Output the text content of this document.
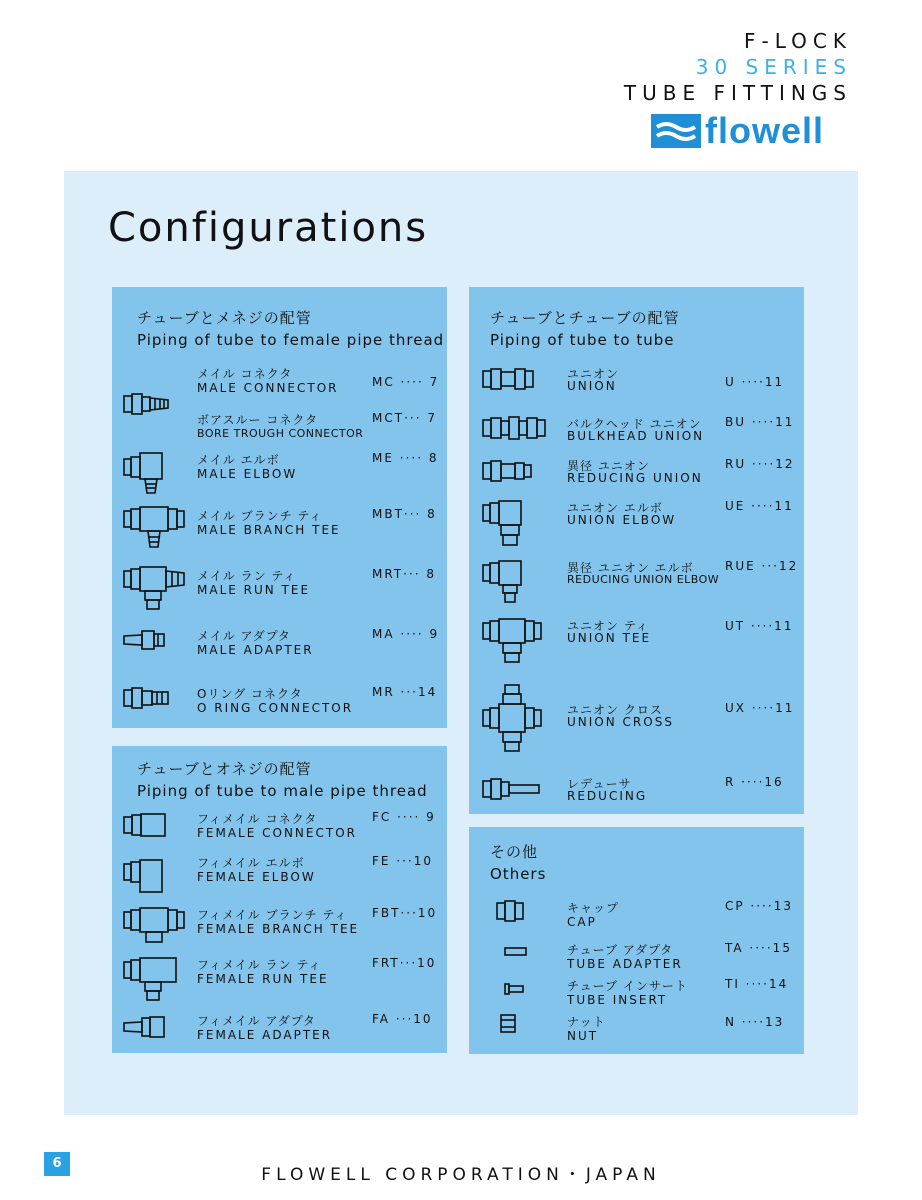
F-LOCK
30 SERIES
TUBE FITTINGS
flowell
Configurations
チューブとメネジの配管
Piping of tube to female pipe thread
メイル コネクタ
MALE CONNECTOR	MC ···· 7
ボアスルー コネクタ
BORE TROUGH CONNECTOR
MCT··· 7
メイル エルボ
MALE ELBOW
ME ···· 8
メイル ブランチ ティ
MALE BRANCH TEE
MBT··· 8
メイル ラン ティ
MALE RUN TEE
MRT··· 8
メイル アダプタ
MALE ADAPTER
MA ···· 9
Oリング コネクタ
O RING CONNECTOR
MR ···14
チューブとオネジの配管
Piping of tube to male pipe thread
フィメイル コネクタ
FEMALE CONNECTOR
FC ···· 9
フィメイル エルボ
FEMALE ELBOW
FE ···10
フィメイル ブランチ ティ
FEMALE BRANCH TEE
FBT···10
フィメイル ラン ティ
FEMALE RUN TEE
FRT···10
フィメイル アダプタ
FEMALE ADAPTER
FA ···10
チューブとチューブの配管
Piping of tube to tube
ユニオン
UNION	U ····11
バルクヘッド ユニオン
BULKHEAD UNION
BU ····11
異径 ユニオン
REDUCING UNION
RU ····12
ユニオン エルボ
UNION ELBOW
UE ····11
異径 ユニオン エルボ
REDUCING UNION ELBOW
RUE ···12
ユニオン ティ
UNION TEE
UT ····11
ユニオン クロス
UNION CROSS
UX ····11
レデューサ
REDUCING
R ····16
その他
Others
キャップ
CAP
CP ····13
チューブ アダプタ
TUBE ADAPTER
TA ····15
チューブ インサート
TUBE INSERT
TI ····14
ナット
NUT
N ····13
6
FLOWELL CORPORATION・JAPAN
